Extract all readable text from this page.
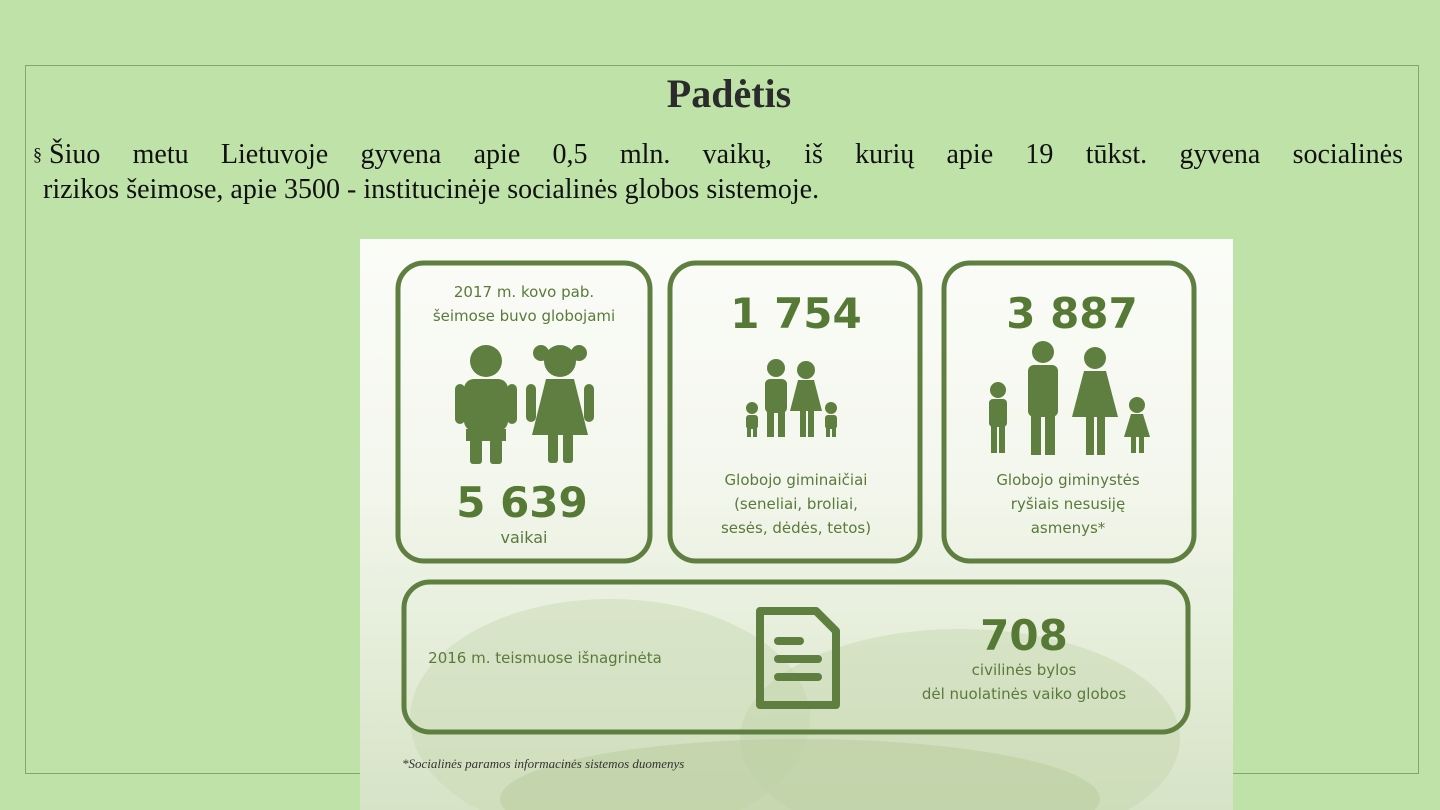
Padėtis
§ Šiuo metu Lietuvoje gyvena apie 0,5 mln. vaikų, iš kurių apie 19 tūkst. gyvena socialinės
rizikos šeimose, apie 3500 - institucinėje socialinės globos sistemoje.
2017 m. kovo pab.
šeimose buvo globojami
5 639
vaikai
1 754
Globojo giminaičiai
(seneliai, broliai,
sesės, dėdės, tetos)
3 887
Globojo giminystės
ryšiais nesusiję
asmenys*
2016 m. teismuose išnagrinėta	708
civilinės bylos
dėl nuolatinės vaiko globos
*Socialinės paramos informacinės sistemos duomenys
